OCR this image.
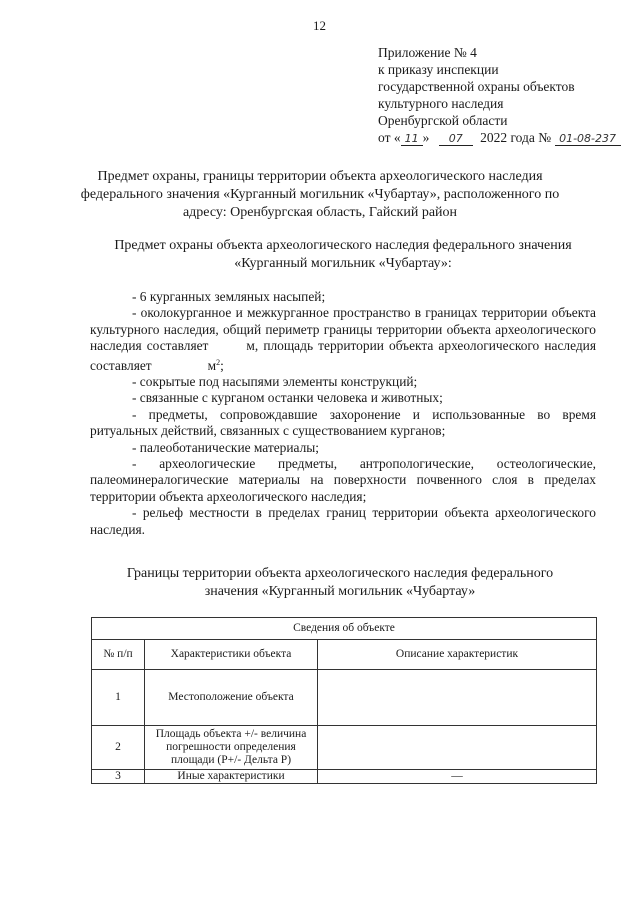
12
Приложение № 4
к приказу инспекции
государственной охраны объектов
культурного наследия
Оренбургской области
от « 11 » 07 2022 года № 01-08-237
Предмет охраны, границы территории объекта археологического наследия федерального значения «Курганный могильник «Чубартау», расположенного по адресу: Оренбургская область, Гайский район
Предмет охраны объекта археологического наследия федерального значения «Курганный могильник «Чубартау»:

- 6 курганных земляных насыпей;

- околокурганное и межкурганное пространство в границах территории объекта культурного наследия, общий периметр границы территории объекта археологического наследия составляет	м, площадь территории объекта археологического наследия составляет	$м^2$;

- сокрытые под насыпями элементы конструкций;

- связанные с курганом останки человека и животных;

- предметы, сопровождавшие захоронение и использованные во время ритуальных действий, связанных с существованием курганов;

- палеоботанические материалы;

- археологические предметы, антропологические, остеологические, палеоминералогические материалы на поверхности почвенного слоя в пределах территории объекта археологического наследия;

- рельеф местности в пределах границ территории объекта археологического наследия.

Границы территории объекта археологического наследия федерального значения «Курганный могильник «Чубартау»
Сведения об объекте		
№ п/п	Характеристики объекта	Описание характеристик
1	Местоположение объекта	
2	Площадь объекта +/- величина погрешности определения площади (Р+/- Дельта Р)	
3	Иные характеристики	—
